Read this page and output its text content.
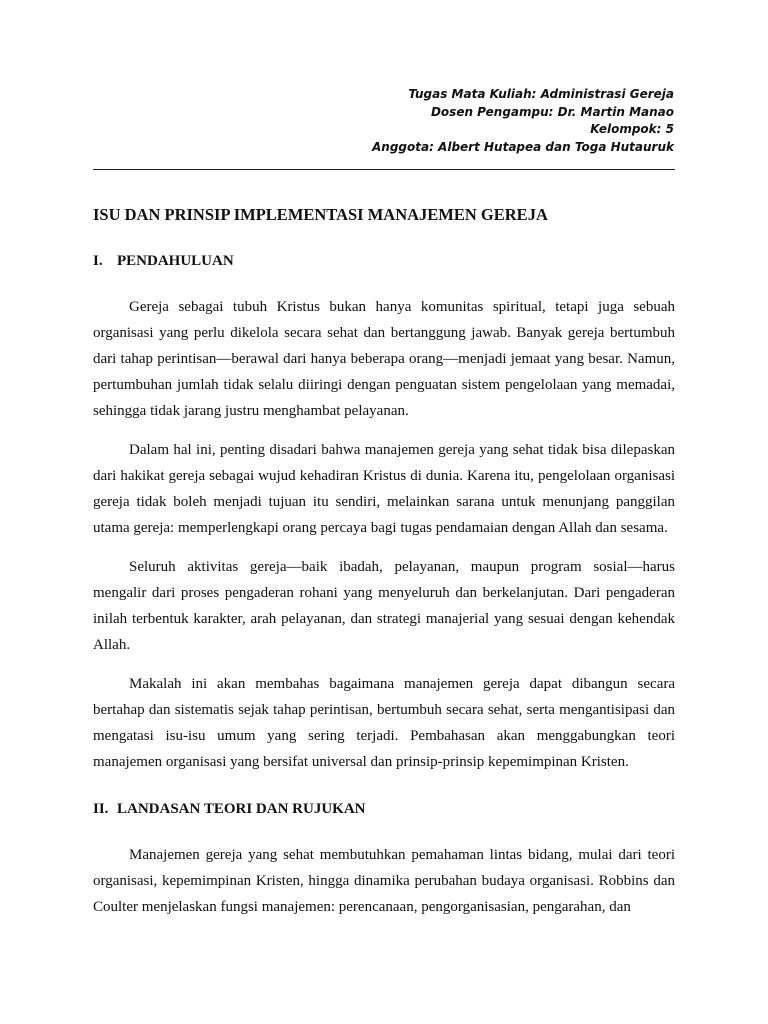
Tugas Mata Kuliah: Administrasi Gereja
Dosen Pengampu: Dr. Martin Manao
Kelompok: 5
Anggota: Albert Hutapea dan Toga Hutauruk
ISU DAN PRINSIP IMPLEMENTASI MANAJEMEN GEREJA
I. PENDAHULUAN

Gereja sebagai tubuh Kristus bukan hanya komunitas spiritual, tetapi juga sebuah organisasi yang perlu dikelola secara sehat dan bertanggung jawab. Banyak gereja bertumbuh dari tahap perintisan—berawal dari hanya beberapa orang—menjadi jemaat yang besar. Namun, pertumbuhan jumlah tidak selalu diiringi dengan penguatan sistem pengelolaan yang memadai, sehingga tidak jarang justru menghambat pelayanan.

Dalam hal ini, penting disadari bahwa manajemen gereja yang sehat tidak bisa dilepaskan dari hakikat gereja sebagai wujud kehadiran Kristus di dunia. Karena itu, pengelolaan organisasi gereja tidak boleh menjadi tujuan itu sendiri, melainkan sarana untuk menunjang panggilan utama gereja: memperlengkapi orang percaya bagi tugas pendamaian dengan Allah dan sesama.

Seluruh aktivitas gereja—baik ibadah, pelayanan, maupun program sosial—harus mengalir dari proses pengaderan rohani yang menyeluruh dan berkelanjutan. Dari pengaderan inilah terbentuk karakter, arah pelayanan, dan strategi manajerial yang sesuai dengan kehendak Allah.

Makalah ini akan membahas bagaimana manajemen gereja dapat dibangun secara bertahap dan sistematis sejak tahap perintisan, bertumbuh secara sehat, serta mengantisipasi dan mengatasi isu-isu umum yang sering terjadi. Pembahasan akan menggabungkan teori manajemen organisasi yang bersifat universal dan prinsip-prinsip kepemimpinan Kristen.

II. LANDASAN TEORI DAN RUJUKAN

Manajemen gereja yang sehat membutuhkan pemahaman lintas bidang, mulai dari teori organisasi, kepemimpinan Kristen, hingga dinamika perubahan budaya organisasi. Robbins dan Coulter menjelaskan fungsi manajemen: perencanaan, pengorganisasian, pengarahan, dan
